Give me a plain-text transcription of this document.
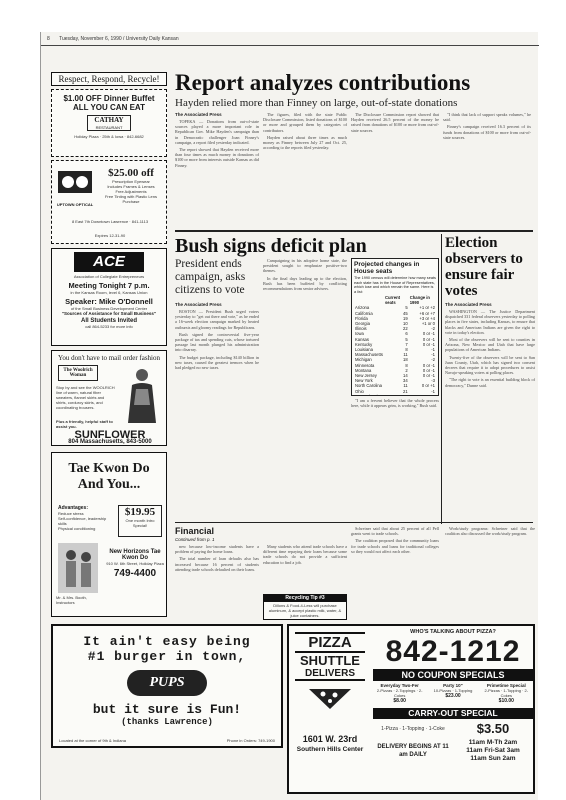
8 Tuesday, November 6, 1990 / University Daily Kansan
Respect, Respond, Recycle!
$1.00 OFF Dinner Buffet
ALL YOU CAN EAT
CATHAY
RESTAURANT
Holiday Plaza · 25th & Iowa · 842-6682
UPTOWN OPTICAL
$25.00 off
Prescription Eyewear
Includes Frames & Lenses
Free Adjustments
Free Tinting with Plastic Lens Purchase
8 East 7th Downtown Lawrence · 841-1113
Expires 12-31-90
ACE
Association of Collegiate Entrepreneurs
Meeting Tonight 7 p.m.
in the Kansas Room, level 6, Kansas Union
Speaker: Mike O'Donnell
of the Small Business Development Center
"Sources of Assistance for Small Business"
All Students Invited
call 864-5233 for more info
You don't have to mail order fashion
The Woolrich Woman
Stop by and see the WOOLRICH line of warm, natural fiber sweaters, flannel skirts and shirts, corduroy skirts, and coordinating trousers.
Plus a friendly, helpful staff to assist you.
SUNFLOWER
804 Massachusetts, 843-5000
Tae Kwon Do
And You...
Advantages:
Reduce stress
Self-confidence, leadership skills
Physical conditioning
$19.95
One month Intro Special!
Mr. & Mrs. Booth, Instructors
New Horizons Tae Kwon Do
910 W. 6th Street, Holiday Plaza
749-4400
It ain't easy being
#1 burger in town,
PUPS
but it sure is Fun!
(thanks Lawrence)
Located at the corner of 9th & Indiana	Phone in Orders: 749-1900
Report analyzes contributions
Hayden relied more than Finney on large, out-of-state donations
The Associated Press

TOPEKA — Donations from out-of-state sources played a more important role in Republican Gov. Mike Hayden's campaign than in Democratic challenger Joan Finney's campaign, a report filed yesterday indicated.

The report showed that Hayden received more than four times as much money in donations of $100 or more from interests outside Kansas as did Finney.

The figures, filed with the state Public Disclosure Commission, listed donations of $100 or more and grouped them by categories of contributors.

Hayden raised about three times as much money as Finney between July 27 and Oct. 25, according to the reports filed yesterday.

The Disclosure Commission report showed that Hayden received 26.5 percent of the money he raised from donations of $100 or more from out-of-state sources.

"I think that lack of support speaks volumes," he said.

Finney's campaign received 16.3 percent of its funds from donations of $100 or more from out-of-state sources.

Bush signs deficit plan
President ends campaign, asks citizens to vote
The Associated Press

BOSTON — President Bush urged voters yesterday to "get out there and vote," as he ended a 16-week election campaign marked by heated outbursts and gloomy readings for Republicans.

Bush signed the controversial five-year package of tax and spending cuts, whose tortured passage last month plunged his administration into disarray.

The budget package, including $140 billion in new taxes, caused the greatest tremors when he had pledged no new taxes.

Campaigning in his adoptive home state, the president sought to emphasize positive-two themes.

In the final days leading up to the election, Bush has been buffeted by conflicting recommendations from senior advisers.

"I am a fervent believer that the whole process here, while it appears grim, is working," Bush said.

Projected changes in House seats
The 1990 census will determine how many seats each state has in the House of Representatives, which lose and which remain the same. Here is a list:
	Current seats	Change in 1990
Arizona	5	+1 or +2
California	45	+6 or +7
Florida	19	+3 or +4
Georgia	10	+1 or 0
Illinois	22	-2
Iowa	6	0 or -1
Kansas	5	0 or -1
Kentucky	7	0 or -1
Louisiana	8	-1
Massachusetts	11	-1
Michigan	18	-2
Minnesota	8	0 or -1
Montana	2	0 or -1
New Jersey	14	0 or -1
New York	34	-3
North Carolina	11	0 or +1
Ohio	21	-1

Election observers to ensure fair votes
The Associated Press

WASHINGTON — The Justice Department dispatched 331 federal observers yesterday to polling places in five states, including Kansas, to ensure that blacks and American Indians are given the right to vote in today's election.

Most of the observers will be sent to counties in Arizona, New Mexico and Utah that have large populations of American Indians.

Twenty-five of the observers will be sent to San Juan County, Utah, which has signed two consent decrees that require it to adopt procedures to assist Navajo-speaking voters at polling places.

"The right to vote is an essential building block of democracy," Dunne said.

Financial
Continued from p. 1

new because low-income students have a problem of paying the home loans.

The total number of loan defaults also has increased because 16 percent of students attending trade schools defaulted on their loans.

Many students who attend trade schools have a different time repaying their loans because some trade schools do not provide a sufficient education to find a job.

Schreiner said that about 25 percent of all Pell grants went to trade schools.

The coalition proposed that the community loans for trade schools and loans for traditional colleges so they would not affect each other.

Work/study programs: Schreiner said that the coalition also discussed the work/study program.

Recycling Tip #3
Dillons & Food-4-Less will purchase aluminum, & accept plastic milk, water, & juice containers.
PIZZA
SHUTTLE
DELIVERS
1601 W. 23rd
Southern Hills Center
WHO'S TALKING ABOUT PIZZA?
842-1212
NO COUPON SPECIALS
Everyday Two-Fer
2-Pizzas · 2-Toppings · 2-Cokes
$8.00
Party 10"
10-Pizzas · 1-Topping
$23.00
Primetime Special
2-Pizzas · 1-Topping · 2-Cokes
$10.00
CARRY-OUT SPECIAL
1-Pizza · 1-Topping · 1-Coke	$3.50
DELIVERY BEGINS AT 11 am DAILY
11am M-Th 2am
11am Fri-Sat 3am
11am Sun 2am
